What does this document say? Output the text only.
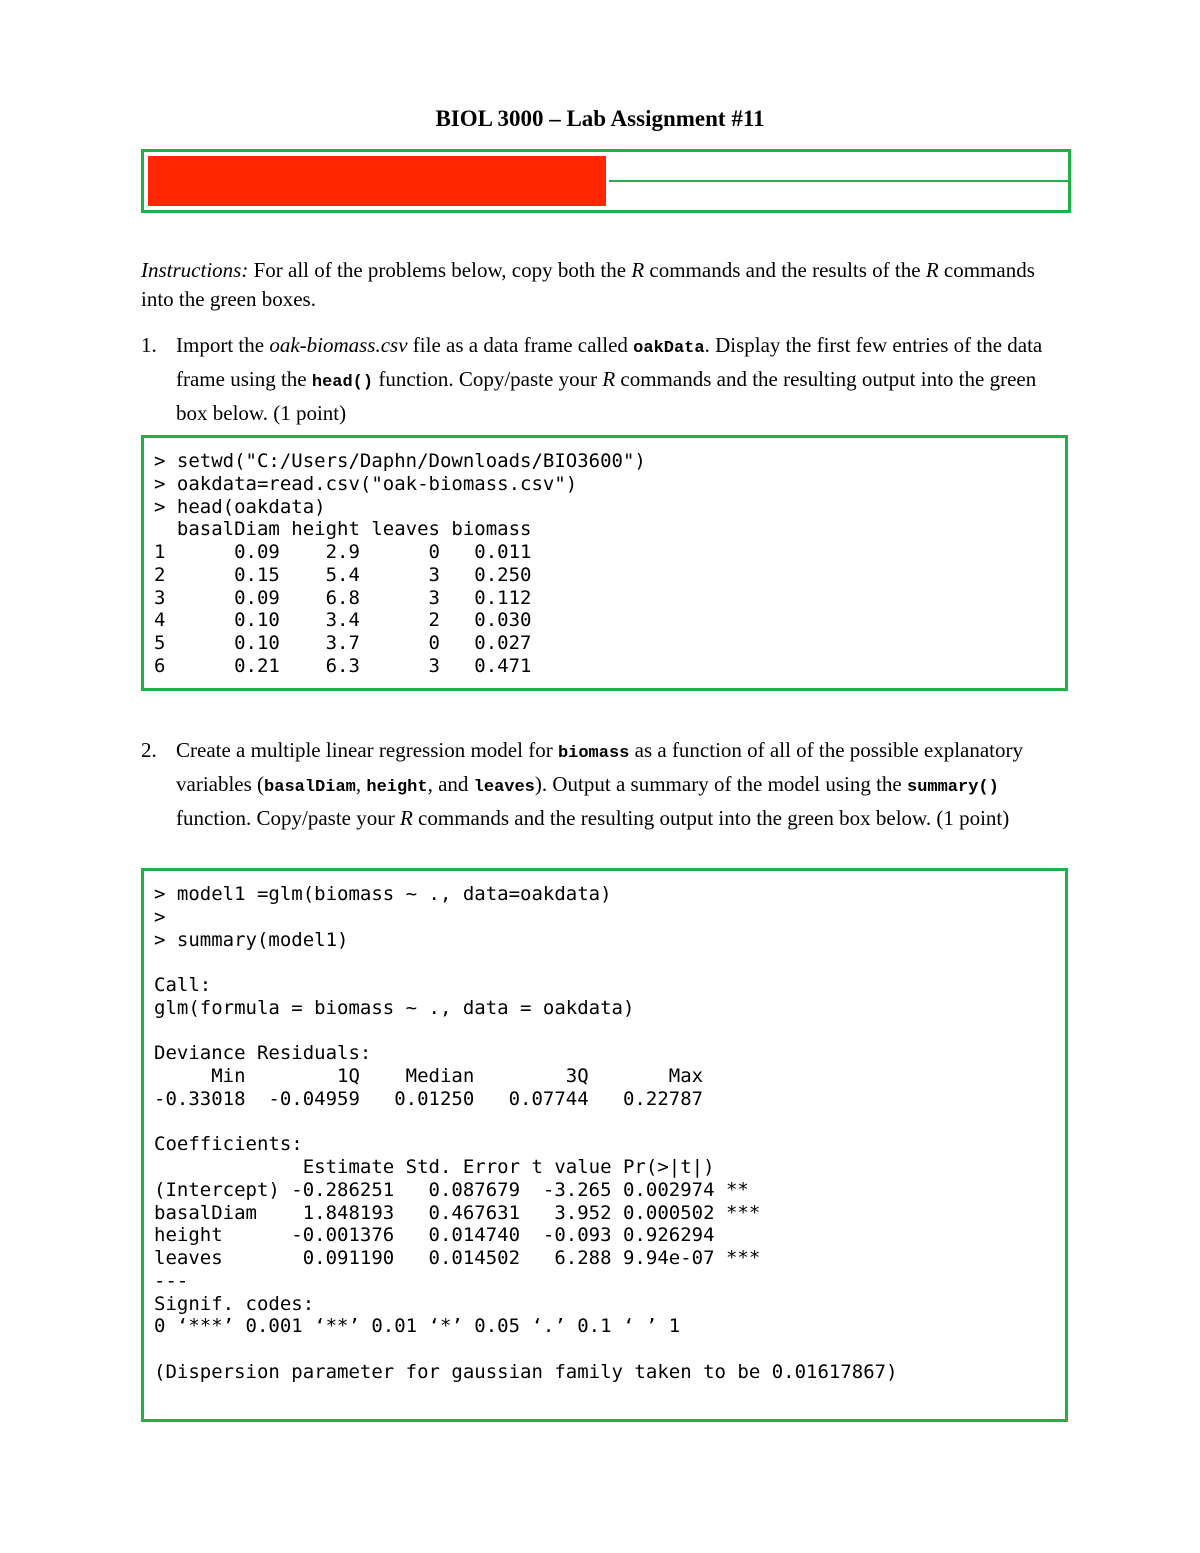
BIOL 3000 – Lab Assignment #11
Instructions: For all of the problems below, copy both the R commands and the results of the R commands into the green boxes.
1. Import the oak-biomass.csv file as a data frame called oakData. Display the first few entries of the data frame using the head() function. Copy/paste your R commands and the resulting output into the green box below. (1 point)
> setwd("C:/Users/Daphn/Downloads/BIO3600")
> oakdata=read.csv("oak-biomass.csv")
> head(oakdata)
basalDiam height leaves biomass
1      0.09    2.9      0   0.011
2      0.15    5.4      3   0.250
3      0.09    6.8      3   0.112
4      0.10    3.4      2   0.030
5      0.10    3.7      0   0.027
6      0.21    6.3      3   0.471
2. Create a multiple linear regression model for biomass as a function of all of the possible explanatory variables (basalDiam, height, and leaves). Output a summary of the model using the summary() function. Copy/paste your R commands and the resulting output into the green box below. (1 point)
> model1 =glm(biomass ~ ., data=oakdata)
>
> summary(model1)

Call:
glm(formula = biomass ~ ., data = oakdata)

Deviance Residuals:
Min        1Q    Median        3Q       Max
-0.33018  -0.04959   0.01250   0.07744   0.22787

Coefficients:
Estimate Std. Error t value Pr(>|t|)
(Intercept) -0.286251   0.087679  -3.265 0.002974 **
basalDiam    1.848193   0.467631   3.952 0.000502 ***
height      -0.001376   0.014740  -0.093 0.926294
leaves       0.091190   0.014502   6.288 9.94e-07 ***
---
Signif. codes:
0 ‘***’ 0.001 ‘**’ 0.01 ‘*’ 0.05 ‘.’ 0.1 ‘ ’ 1

(Dispersion parameter for gaussian family taken to be 0.01617867)
